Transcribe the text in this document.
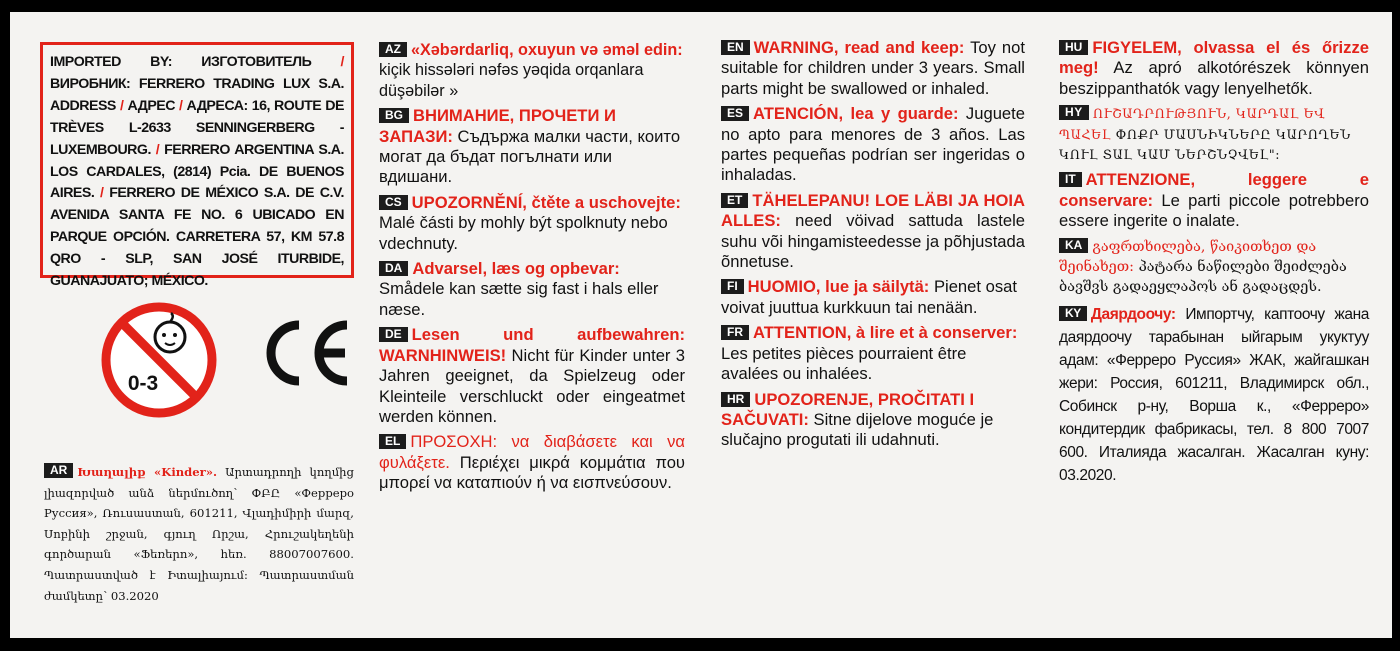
IMPORTED BY: ИЗГОТОВИТЕЛЬ / ВИРОБНИК: FERRERO TRADING LUX S.A. ADDRESS / АДРЕС / АДРЕСА: 16, ROUTE DE TRÈVES L-2633 SENNINGERBERG - LUXEMBOURG. / FERRERO ARGENTINA S.A. LOS CARDALES, (2814) Pcia. DE BUENOS AIRES. / FERRERO DE MÉXICO S.A. DE C.V. AVENIDA SANTA FE NO. 6 UBICADO EN PARQUE OPCIÓN. CARRETERA 57, KM 57.8 QRO - SLP, SAN JOSÉ ITURBIDE, GUANAJUATO; MÉXICO.

0-3
CE
AR Խաղալիք «Kinder». Արտադրողի կողմից լիազորված անձ ներմուծող՝ ՓԲԸ «Ферреро Руссия», Ռուսաստան, 601211, Վլադիմիրի մարզ, Սոբինի շրջան, գյուղ Որշա, Հրուշակեղենի գործարան «Ֆեռերո», հեռ. 88007007600. Պատրաստված է Իտալիայում: Պատրաստման ժամկետը՝ 03.2020

AZ «Xəbərdarliq, oxuyun və əməl edin: kiçik hissələri nəfəs yəqida orqanlara düşəbilər »

BG ВНИМАНИЕ, ПРОЧЕТИ И ЗАПАЗИ: Съдържа малки части, които могат да бъдат погълнати или вдишани.

CS UPOZORNĚNÍ, čtěte a uschovejte: Malé části by mohly být spolknuty nebo vdechnuty.

DA Advarsel, læs og opbevar: Smådele kan sætte sig fast i hals eller næse.

DE Lesen und aufbewahren: WARNHINWEIS! Nicht für Kinder unter 3 Jahren geeignet, da Spielzeug oder Kleinteile verschluckt oder eingeatmet werden können.

EL ΠΡΟΣΟΧΗ: να διαβάσετε και να φυλάξετε. Περιέχει μικρά κομμάτια που μπορεί να καταπιούν ή να εισπνεύσουν.

EN WARNING, read and keep: Toy not suitable for children under 3 years. Small parts might be swallowed or inhaled.

ES ATENCIÓN, lea y guarde: Juguete no apto para menores de 3 años. Las partes pequeñas podrían ser ingeridas o inhaladas.

ET TÄHELEPANU! LOE LÄBI JA HOIA ALLES: need vöivad sattuda lastele suhu või hingamisteedesse ja põhjustada õnnetuse.

FI HUOMIO, lue ja säilytä: Pienet osat voivat juuttua kurkkuun tai nenään.

FR ATTENTION, à lire et à conserver: Les petites pièces pourraient être avalées ou inhalées.

HR UPOZORENJE, PROČITATI I SAČUVATI: Sitne dijelove moguće je slučajno progutati ili udahnuti.

HU FIGYELEM, olvassa el és őrizze meg! Az apró alkotórészek könnyen beszippanthatók vagy lenyelhetők.

HY ՈՒՇԱԴՐՈՒԹՅՈՒՆ, ԿԱՐԴԱԼ ԵՎ ՊԱՀԵԼ ՓՈՔՐ ՄԱՍՆԻԿՆԵՐԸ ԿԱՐՈՂԵՆ ԿՈՒԼ ՏԱԼ ԿԱՄ ՆԵՐՇՆՉՎԵԼ":

IT ATTENZIONE, leggere e conservare: Le parti piccole potrebbero essere ingerite o inalate.

KA გაფრთხილება, წაიკითხეთ და შეინახეთ: პატარა ნაწილები შეიძლება ბავშვს გადაეყლაპოს ან გადაცდეს.

KY Даярдоочу: Импортчу, каптоочу жана даярдоочу тарабынан ыйгарым укуктуу адам: «Ферреро Руссия» ЖАК, жайгашкан жери: Россия, 601211, Владимирск обл., Собинск р-ну, Ворша к., «Ферреро» кондитердик фабрикасы, тел. 8 800 7007 600. Италияда жасалган. Жасалган куну: 03.2020.
